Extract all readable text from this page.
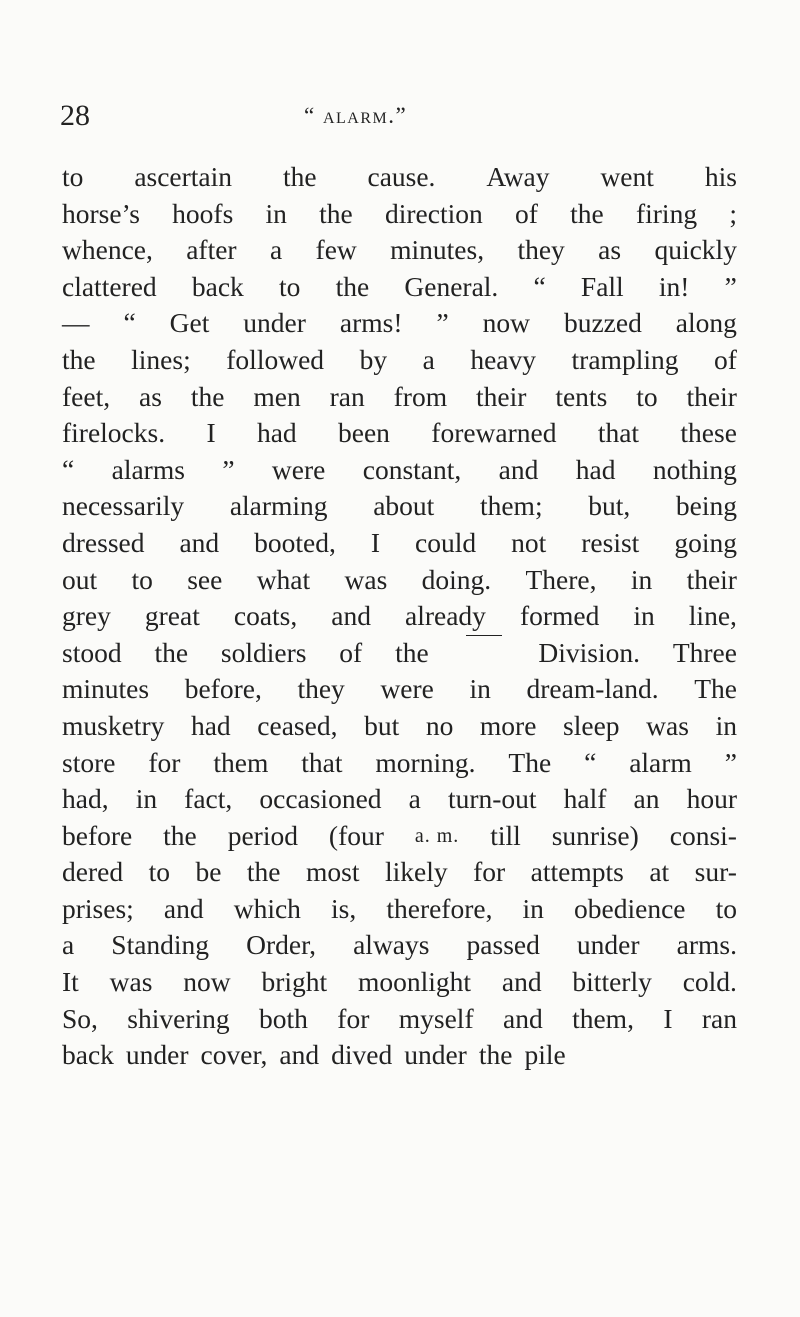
28	“ alarm.”
to ascertain the cause. Away went his
horse’s hoofs in the direction of the firing ;
whence, after a few minutes, they as quickly
clattered back to the General. “ Fall in! ”
— “ Get under arms! ” now buzzed along
the lines; followed by a heavy trampling of
feet, as the men ran from their tents to their
firelocks. I had been forewarned that these
“ alarms ” were constant, and had nothing
necessarily alarming about them; but, being
dressed and booted, I could not resist going
out to see what was doing. There, in their
grey great coats, and already formed in line,
stood the soldiers of the	Division. Three
minutes before, they were in dream-land. The
musketry had ceased, but no more sleep was in
store for them that morning. The “ alarm ”
had, in fact, occasioned a turn-out half an hour
before the period (four a. m. till sunrise) consi-
dered to be the most likely for attempts at sur-
prises; and which is, therefore, in obedience to
a Standing Order, always passed under arms.
It was now bright moonlight and bitterly cold.
So, shivering both for myself and them, I ran
back under cover, and dived under the pile
